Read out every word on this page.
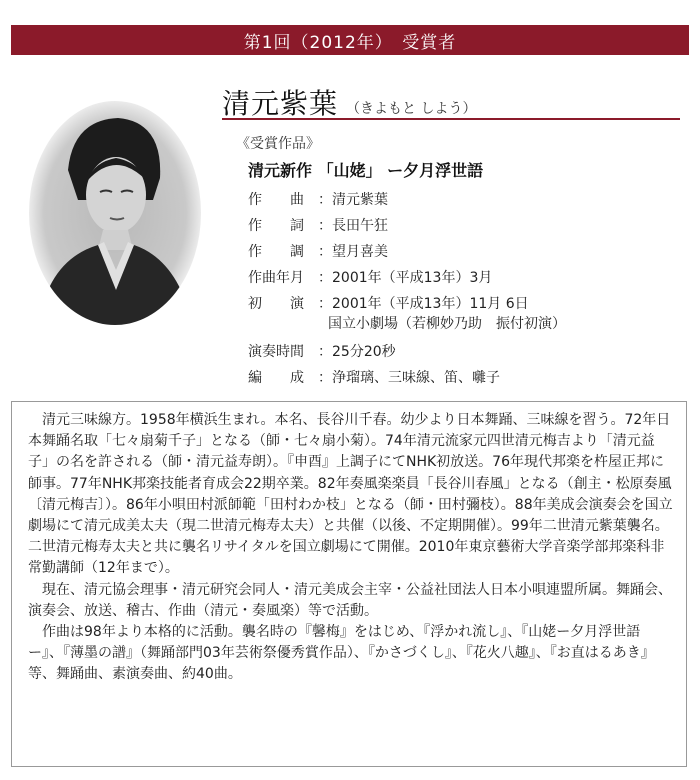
第1回（2012年）　受賞者
清元紫葉 （きよもと しよう）
《受賞作品》
清元新作 「山姥」 ー夕月浮世語
作　　曲 ：清元紫葉
作　　詞 ：長田午狂
作　　調 ：望月喜美
作曲年月 ：2001年（平成13年）3月
初　　演 ：2001年（平成13年）11月 6日
国立小劇場（若柳妙乃助　振付初演）
演奏時間 ：25分20秒
編　　成 ：浄瑠璃、三味線、笛、囃子

清元三味線方。1958年横浜生まれ。本名、長谷川千春。幼少より日本舞踊、三味線を習う。72年日本舞踊名取「七々扇菊千子」となる（師・七々扇小菊）。74年清元流家元四世清元梅吉より「清元益子」の名を許される（師・清元益寿朗）。『申酉』上調子にてNHK初放送。76年現代邦楽を杵屋正邦に師事。77年NHK邦楽技能者育成会22期卒業。82年奏風楽楽員「長谷川春風」となる（創主・松原奏風〔清元梅吉〕）。86年小唄田村派師範「田村わか枝」となる（師・田村彌枝）。88年美成会演奏会を国立劇場にて清元成美太夫（現二世清元梅寿太夫）と共催（以後、不定期開催）。99年二世清元紫葉襲名。二世清元梅寿太夫と共に襲名リサイタルを国立劇場にて開催。2010年東京藝術大学音楽学部邦楽科非常勤講師（12年まで）。

現在、清元協会理事・清元研究会同人・清元美成会主宰・公益社団法人日本小唄連盟所属。舞踊会、演奏会、放送、稽古、作曲（清元・奏風楽）等で活動。

作曲は98年より本格的に活動。襲名時の『馨梅』をはじめ、『浮かれ流し』、『山姥ー夕月浮世語ー』、『薄墨の譜』（舞踊部門03年芸術祭優秀賞作品）、『かさづくし』、『花火八趣』、『お直はるあき』等、舞踊曲、素演奏曲、約40曲。
